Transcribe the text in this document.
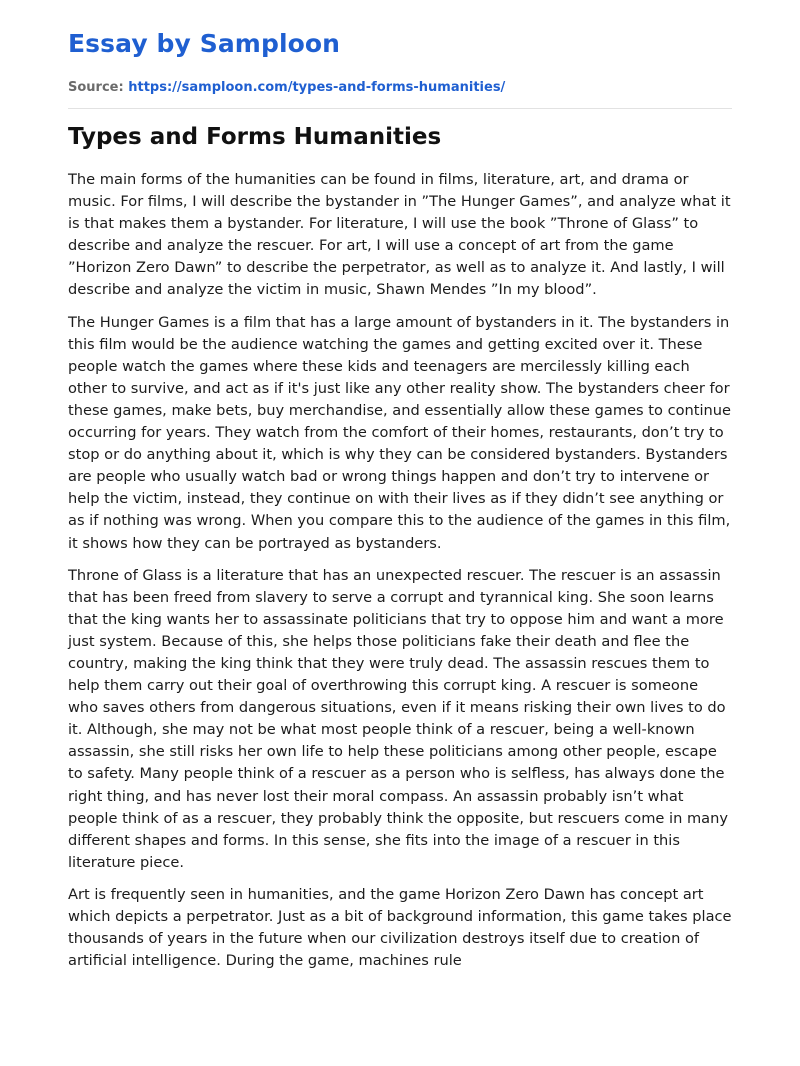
Essay by Samploon
Source: https://samploon.com/types-and-forms-humanities/
Types and Forms Humanities

The main forms of the humanities can be found in films, literature, art, and drama or music. For films, I will describe the bystander in ”The Hunger Games”, and analyze what it is that makes them a bystander. For literature, I will use the book ”Throne of Glass” to describe and analyze the rescuer. For art, I will use a concept of art from the game ”Horizon Zero Dawn” to describe the perpetrator, as well as to analyze it. And lastly, I will describe and analyze the victim in music, Shawn Mendes ”In my blood”.

The Hunger Games is a film that has a large amount of bystanders in it. The bystanders in this film would be the audience watching the games and getting excited over it. These people watch the games where these kids and teenagers are mercilessly killing each other to survive, and act as if it's just like any other reality show. The bystanders cheer for these games, make bets, buy merchandise, and essentially allow these games to continue occurring for years. They watch from the comfort of their homes, restaurants, don’t try to stop or do anything about it, which is why they can be considered bystanders. Bystanders are people who usually watch bad or wrong things happen and don’t try to intervene or help the victim, instead, they continue on with their lives as if they didn’t see anything or as if nothing was wrong. When you compare this to the audience of the games in this film, it shows how they can be portrayed as bystanders.

Throne of Glass is a literature that has an unexpected rescuer. The rescuer is an assassin that has been freed from slavery to serve a corrupt and tyrannical king. She soon learns that the king wants her to assassinate politicians that try to oppose him and want a more just system. Because of this, she helps those politicians fake their death and flee the country, making the king think that they were truly dead. The assassin rescues them to help them carry out their goal of overthrowing this corrupt king. A rescuer is someone who saves others from dangerous situations, even if it means risking their own lives to do it. Although, she may not be what most people think of a rescuer, being a well-known assassin, she still risks her own life to help these politicians among other people, escape to safety. Many people think of a rescuer as a person who is selfless, has always done the right thing, and has never lost their moral compass. An assassin probably isn’t what people think of as a rescuer, they probably think the opposite, but rescuers come in many different shapes and forms. In this sense, she fits into the image of a rescuer in this literature piece.

Art is frequently seen in humanities, and the game Horizon Zero Dawn has concept art which depicts a perpetrator. Just as a bit of background information, this game takes place thousands of years in the future when our civilization destroys itself due to creation of artificial intelligence. During the game, machines rule
